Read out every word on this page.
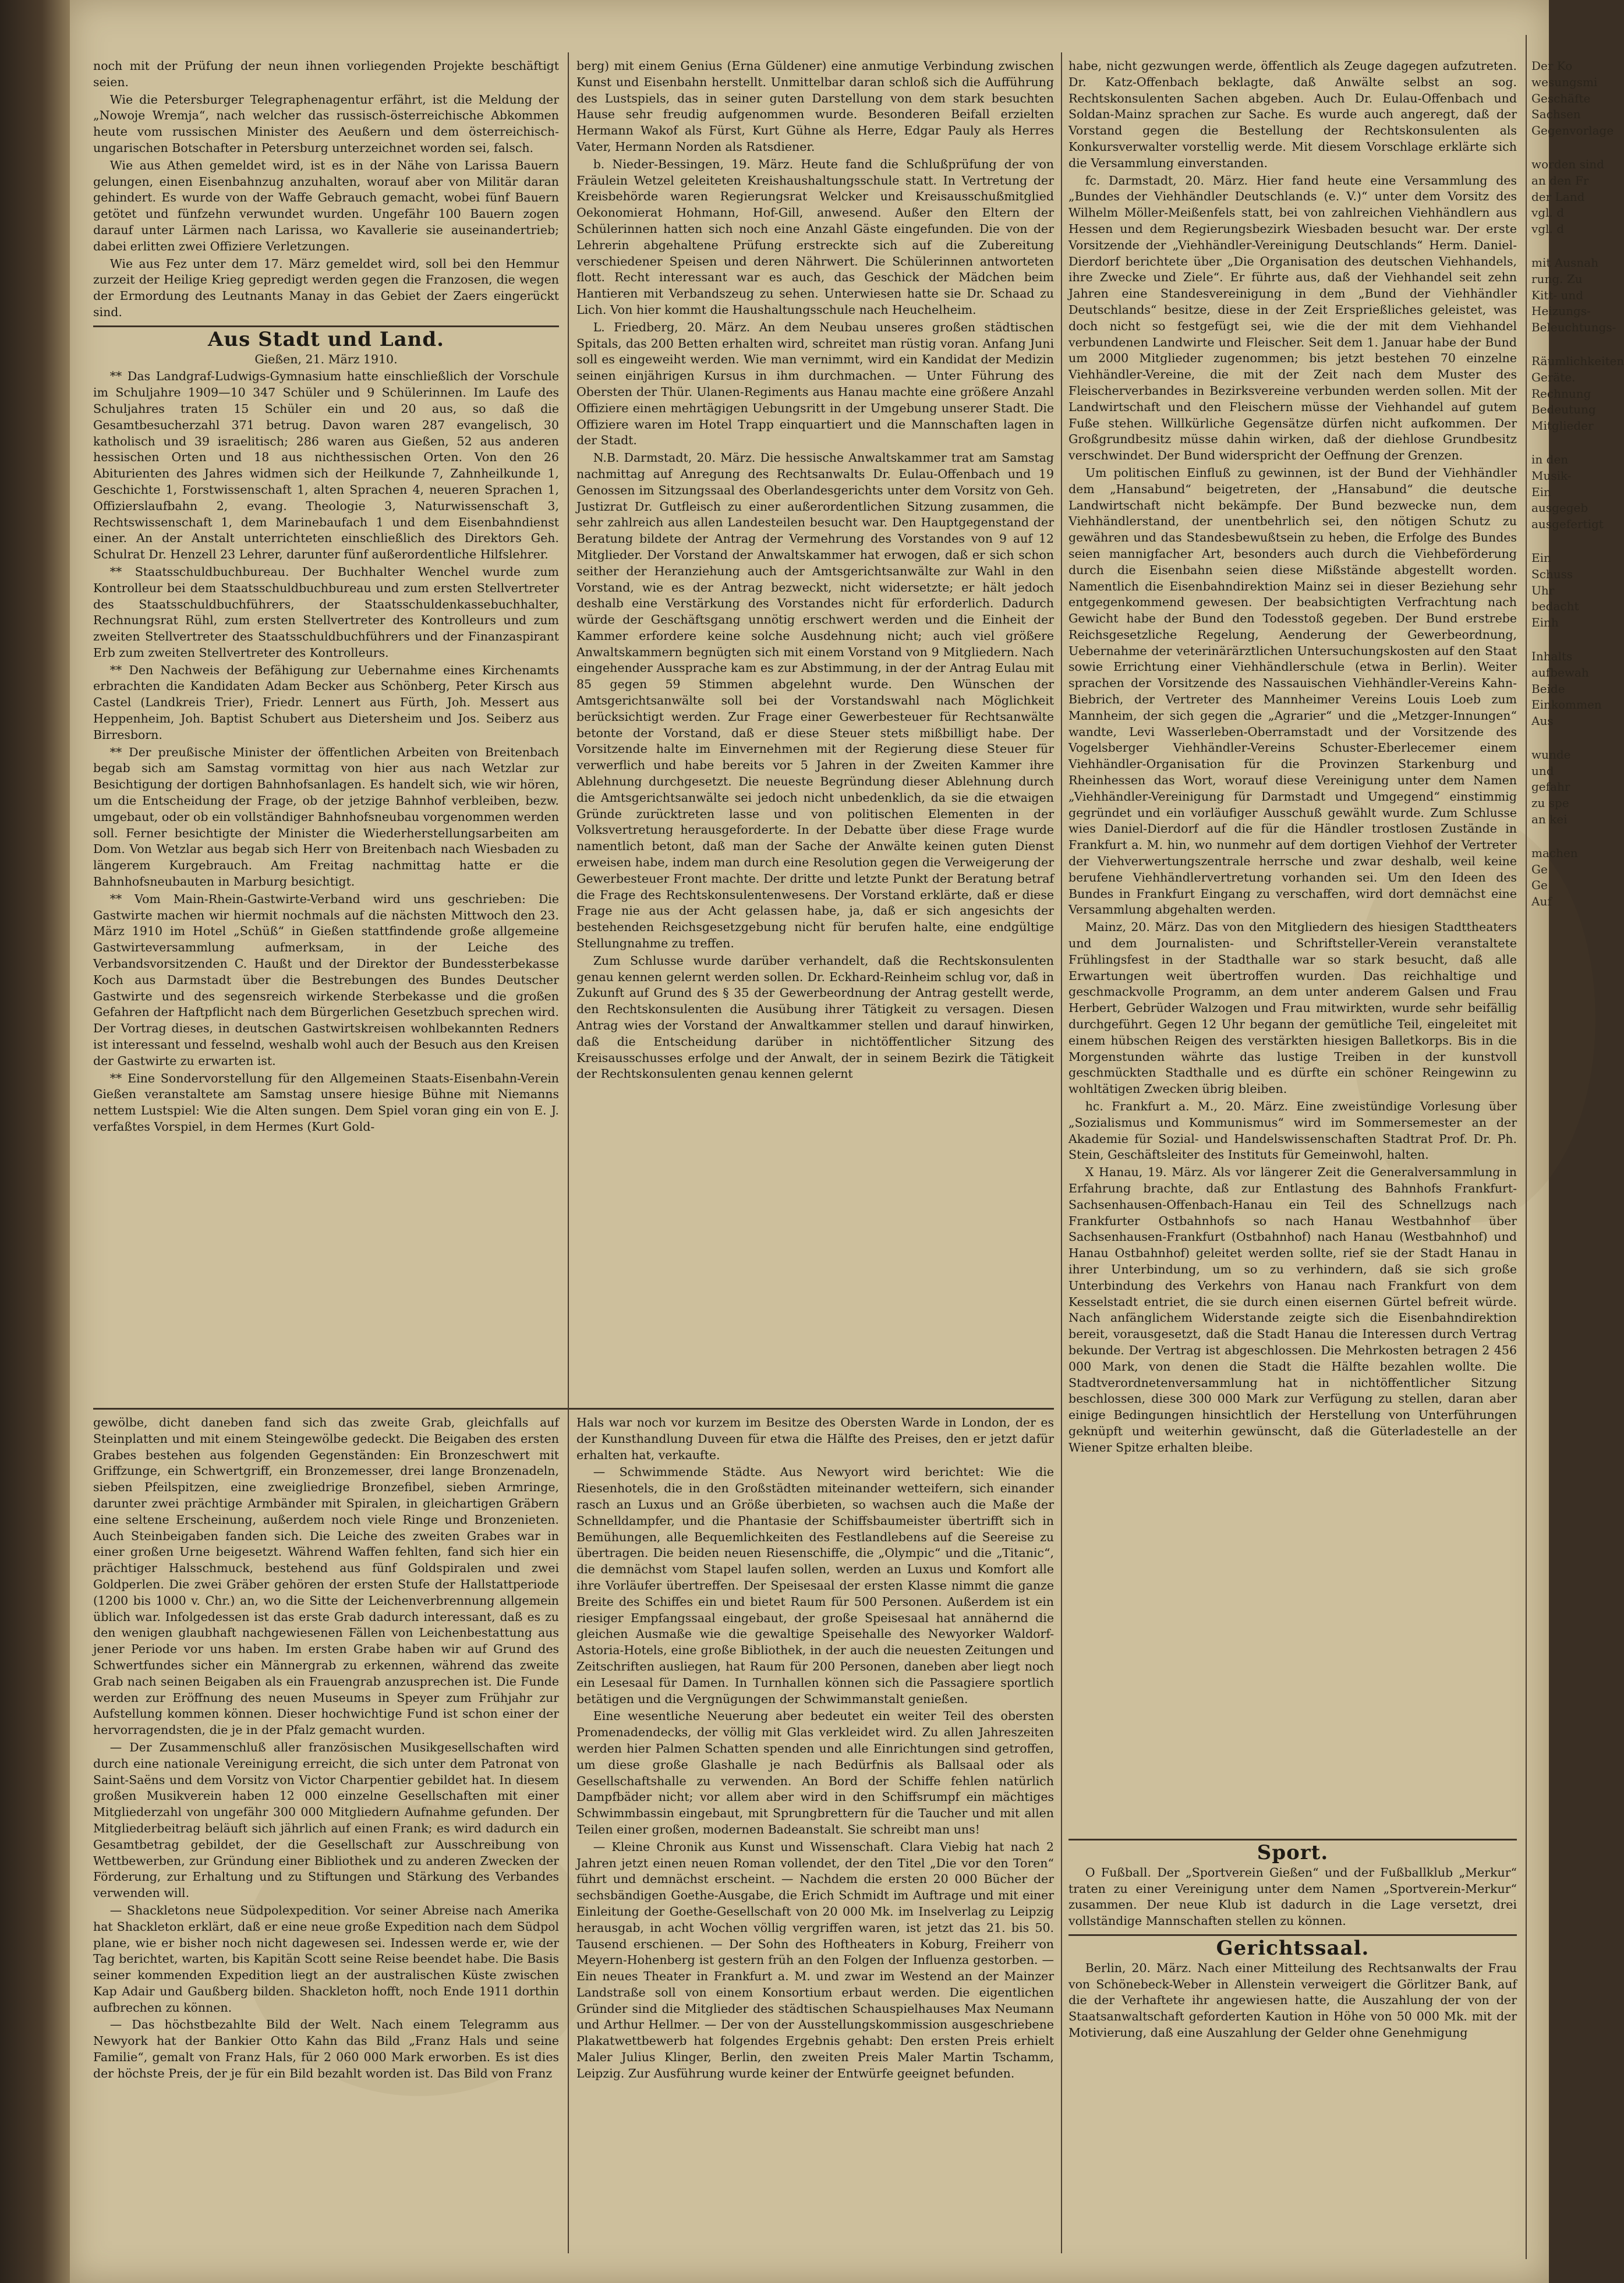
noch mit der Prüfung der neun ihnen vorliegenden Projekte beschäftigt seien.

Wie die Petersburger Telegraphenagentur erfährt, ist die Meldung der „Nowoje Wremja“, nach welcher das russisch-österreichische Abkommen heute vom russischen Minister des Aeußern und dem österreichisch-ungarischen Botschafter in Petersburg unterzeichnet worden sei, falsch.

Wie aus Athen gemeldet wird, ist es in der Nähe von Larissa Bauern gelungen, einen Eisenbahnzug anzuhalten, worauf aber von Militär daran gehindert. Es wurde von der Waffe Gebrauch gemacht, wobei fünf Bauern getötet und fünfzehn verwundet wurden. Ungefähr 100 Bauern zogen darauf unter Lärmen nach Larissa, wo Kavallerie sie auseinandertrieb; dabei erlitten zwei Offiziere Verletzungen.

Wie aus Fez unter dem 17. März gemeldet wird, soll bei den Hemmur zurzeit der Heilige Krieg gepredigt werden gegen die Franzosen, die wegen der Ermordung des Leutnants Manay in das Gebiet der Zaers eingerückt sind.

Aus Stadt und Land.

Gießen, 21. März 1910.

** Das Landgraf-Ludwigs-Gymnasium hatte einschließlich der Vorschule im Schuljahre 1909—10 347 Schüler und 9 Schülerinnen. Im Laufe des Schuljahres traten 15 Schüler ein und 20 aus, so daß die Gesamtbesucherzahl 371 betrug. Davon waren 287 evangelisch, 30 katholisch und 39 israelitisch; 286 waren aus Gießen, 52 aus anderen hessischen Orten und 18 aus nichthessischen Orten. Von den 26 Abiturienten des Jahres widmen sich der Heilkunde 7, Zahnheilkunde 1, Geschichte 1, Forstwissenschaft 1, alten Sprachen 4, neueren Sprachen 1, Offizierslaufbahn 2, evang. Theologie 3, Naturwissenschaft 3, Rechtswissenschaft 1, dem Marinebaufach 1 und dem Eisenbahndienst einer. An der Anstalt unterrichteten einschließlich des Direktors Geh. Schulrat Dr. Henzell 23 Lehrer, darunter fünf außerordentliche Hilfslehrer.

** Staatsschuldbuchbureau. Der Buchhalter Wenchel wurde zum Kontrolleur bei dem Staatsschuldbuchbureau und zum ersten Stellvertreter des Staatsschuldbuchführers, der Staatsschuldenkassebuchhalter, Rechnungsrat Rühl, zum ersten Stellvertreter des Kontrolleurs und zum zweiten Stellvertreter des Staatsschuldbuchführers und der Finanzaspirant Erb zum zweiten Stellvertreter des Kontrolleurs.

** Den Nachweis der Befähigung zur Uebernahme eines Kirchenamts erbrachten die Kandidaten Adam Becker aus Schönberg, Peter Kirsch aus Castel (Landkreis Trier), Friedr. Lennert aus Fürth, Joh. Messert aus Heppenheim, Joh. Baptist Schubert aus Dietersheim und Jos. Seiberz aus Birresborn.

** Der preußische Minister der öffentlichen Arbeiten von Breitenbach begab sich am Samstag vormittag von hier aus nach Wetzlar zur Besichtigung der dortigen Bahnhofsanlagen. Es handelt sich, wie wir hören, um die Entscheidung der Frage, ob der jetzige Bahnhof verbleiben, bezw. umgebaut, oder ob ein vollständiger Bahnhofsneubau vorgenommen werden soll. Ferner besichtigte der Minister die Wiederherstellungsarbeiten am Dom. Von Wetzlar aus begab sich Herr von Breitenbach nach Wiesbaden zu längerem Kurgebrauch. Am Freitag nachmittag hatte er die Bahnhofsneubauten in Marburg besichtigt.

** Vom Main-Rhein-Gastwirte-Verband wird uns geschrieben: Die Gastwirte machen wir hiermit nochmals auf die nächsten Mittwoch den 23. März 1910 im Hotel „Schüß“ in Gießen stattfindende große allgemeine Gastwirteversammlung aufmerksam, in der Leiche des Verbandsvorsitzenden C. Haußt und der Direktor der Bundessterbekasse Koch aus Darmstadt über die Bestrebungen des Bundes Deutscher Gastwirte und des segensreich wirkende Sterbekasse und die großen Gefahren der Haftpflicht nach dem Bürgerlichen Gesetzbuch sprechen wird. Der Vortrag dieses, in deutschen Gastwirtskreisen wohlbekannten Redners ist interessant und fesselnd, weshalb wohl auch der Besuch aus den Kreisen der Gastwirte zu erwarten ist.

** Eine Sondervorstellung für den Allgemeinen Staats-Eisenbahn-Verein Gießen veranstaltete am Samstag unsere hiesige Bühne mit Niemanns nettem Lustspiel: Wie die Alten sungen. Dem Spiel voran ging ein von E. J. verfaßtes Vorspiel, in dem Hermes (Kurt Gold-

berg) mit einem Genius (Erna Güldener) eine anmutige Verbindung zwischen Kunst und Eisenbahn herstellt. Unmittelbar daran schloß sich die Aufführung des Lustspiels, das in seiner guten Darstellung von dem stark besuchten Hause sehr freudig aufgenommen wurde. Besonderen Beifall erzielten Hermann Wakof als Fürst, Kurt Gühne als Herre, Edgar Pauly als Herres Vater, Hermann Norden als Ratsdiener.

b. Nieder-Bessingen, 19. März. Heute fand die Schlußprüfung der von Fräulein Wetzel geleiteten Kreishaushaltungsschule statt. In Vertretung der Kreisbehörde waren Regierungsrat Welcker und Kreisausschußmitglied Oekonomierat Hohmann, Hof-Gill, anwesend. Außer den Eltern der Schülerinnen hatten sich noch eine Anzahl Gäste eingefunden. Die von der Lehrerin abgehaltene Prüfung erstreckte sich auf die Zubereitung verschiedener Speisen und deren Nährwert. Die Schülerinnen antworteten flott. Recht interessant war es auch, das Geschick der Mädchen beim Hantieren mit Verbandszeug zu sehen. Unterwiesen hatte sie Dr. Schaad zu Lich. Von hier kommt die Haushaltungsschule nach Heuchelheim.

L. Friedberg, 20. März. An dem Neubau unseres großen städtischen Spitals, das 200 Betten erhalten wird, schreitet man rüstig voran. Anfang Juni soll es eingeweiht werden. Wie man vernimmt, wird ein Kandidat der Medizin seinen einjährigen Kursus in ihm durchmachen. — Unter Führung des Obersten der Thür. Ulanen-Regiments aus Hanau machte eine größere Anzahl Offiziere einen mehrtägigen Uebungsritt in der Umgebung unserer Stadt. Die Offiziere waren im Hotel Trapp einquartiert und die Mannschaften lagen in der Stadt.

N.B. Darmstadt, 20. März. Die hessische Anwaltskammer trat am Samstag nachmittag auf Anregung des Rechtsanwalts Dr. Eulau-Offenbach und 19 Genossen im Sitzungssaal des Oberlandesgerichts unter dem Vorsitz von Geh. Justizrat Dr. Gutfleisch zu einer außerordentlichen Sitzung zusammen, die sehr zahlreich aus allen Landesteilen besucht war. Den Hauptgegenstand der Beratung bildete der Antrag der Vermehrung des Vorstandes von 9 auf 12 Mitglieder. Der Vorstand der Anwaltskammer hat erwogen, daß er sich schon seither der Heranziehung auch der Amtsgerichtsanwälte zur Wahl in den Vorstand, wie es der Antrag bezweckt, nicht widersetzte; er hält jedoch deshalb eine Verstärkung des Vorstandes nicht für erforderlich. Dadurch würde der Geschäftsgang unnötig erschwert werden und die Einheit der Kammer erfordere keine solche Ausdehnung nicht; auch viel größere Anwaltskammern begnügten sich mit einem Vorstand von 9 Mitgliedern. Nach eingehender Aussprache kam es zur Abstimmung, in der der Antrag Eulau mit 85 gegen 59 Stimmen abgelehnt wurde. Den Wünschen der Amtsgerichtsanwälte soll bei der Vorstandswahl nach Möglichkeit berücksichtigt werden. Zur Frage einer Gewerbesteuer für Rechtsanwälte betonte der Vorstand, daß er diese Steuer stets mißbilligt habe. Der Vorsitzende halte im Einvernehmen mit der Regierung diese Steuer für verwerflich und habe bereits vor 5 Jahren in der Zweiten Kammer ihre Ablehnung durchgesetzt. Die neueste Begründung dieser Ablehnung durch die Amtsgerichtsanwälte sei jedoch nicht unbedenklich, da sie die etwaigen Gründe zurücktreten lasse und von politischen Elementen in der Volksvertretung herausgeforderte. In der Debatte über diese Frage wurde namentlich betont, daß man der Sache der Anwälte keinen guten Dienst erweisen habe, indem man durch eine Resolution gegen die Verweigerung der Gewerbesteuer Front machte. Der dritte und letzte Punkt der Beratung betraf die Frage des Rechtskonsulentenwesens. Der Vorstand erklärte, daß er diese Frage nie aus der Acht gelassen habe, ja, daß er sich angesichts der bestehenden Reichsgesetzgebung nicht für berufen halte, eine endgültige Stellungnahme zu treffen.

Zum Schlusse wurde darüber verhandelt, daß die Rechtskonsulenten genau kennen gelernt werden sollen. Dr. Eckhard-Reinheim schlug vor, daß in Zukunft auf Grund des § 35 der Gewerbeordnung der Antrag gestellt werde, den Rechtskonsulenten die Ausübung ihrer Tätigkeit zu versagen. Diesen Antrag wies der Vorstand der Anwaltkammer stellen und darauf hinwirken, daß die Entscheidung darüber in nichtöffentlicher Sitzung des Kreisausschusses erfolge und der Anwalt, der in seinem Bezirk die Tätigkeit der Rechtskonsulenten genau kennen gelernt

habe, nicht gezwungen werde, öffentlich als Zeuge dagegen aufzutreten. Dr. Katz-Offenbach beklagte, daß Anwälte selbst an sog. Rechtskonsulenten Sachen abgeben. Auch Dr. Eulau-Offenbach und Soldan-Mainz sprachen zur Sache. Es wurde auch angeregt, daß der Vorstand gegen die Bestellung der Rechtskonsulenten als Konkursverwalter vorstellig werde. Mit diesem Vorschlage erklärte sich die Versammlung einverstanden.

fc. Darmstadt, 20. März. Hier fand heute eine Versammlung des „Bundes der Viehhändler Deutschlands (e. V.)“ unter dem Vorsitz des Wilhelm Möller-Meißenfels statt, bei von zahlreichen Viehhändlern aus Hessen und dem Regierungsbezirk Wiesbaden besucht war. Der erste Vorsitzende der „Viehhändler-Vereinigung Deutschlands“ Herm. Daniel-Dierdorf berichtete über „Die Organisation des deutschen Viehhandels, ihre Zwecke und Ziele“. Er führte aus, daß der Viehhandel seit zehn Jahren eine Standesvereinigung in dem „Bund der Viehhändler Deutschlands“ besitze, diese in der Zeit Ersprießliches geleistet, was doch nicht so festgefügt sei, wie die der mit dem Viehhandel verbundenen Landwirte und Fleischer. Seit dem 1. Januar habe der Bund um 2000 Mitglieder zugenommen; bis jetzt bestehen 70 einzelne Viehhändler-Vereine, die mit der Zeit nach dem Muster des Fleischerverbandes in Bezirksvereine verbunden werden sollen. Mit der Landwirtschaft und den Fleischern müsse der Viehhandel auf gutem Fuße stehen. Willkürliche Gegensätze dürfen nicht aufkommen. Der Großgrundbesitz müsse dahin wirken, daß der diehlose Grundbesitz verschwindet. Der Bund widerspricht der Oeffnung der Grenzen.

Um politischen Einfluß zu gewinnen, ist der Bund der Viehhändler dem „Hansabund“ beigetreten, der „Hansabund“ die deutsche Landwirtschaft nicht bekämpfe. Der Bund bezwecke nun, dem Viehhändlerstand, der unentbehrlich sei, den nötigen Schutz zu gewähren und das Standesbewußtsein zu heben, die Erfolge des Bundes seien mannigfacher Art, besonders auch durch die Viehbeförderung durch die Eisenbahn seien diese Mißstände abgestellt worden. Namentlich die Eisenbahndirektion Mainz sei in dieser Beziehung sehr entgegenkommend gewesen. Der beabsichtigten Verfrachtung nach Gewicht habe der Bund den Todesstoß gegeben. Der Bund erstrebe Reichsgesetzliche Regelung, Aenderung der Gewerbeordnung, Uebernahme der veterinärärztlichen Untersuchungskosten auf den Staat sowie Errichtung einer Viehhändlerschule (etwa in Berlin). Weiter sprachen der Vorsitzende des Nassauischen Viehhändler-Vereins Kahn-Biebrich, der Vertreter des Mannheimer Vereins Louis Loeb zum Mannheim, der sich gegen die „Agrarier“ und die „Metzger-Innungen“ wandte, Levi Wasserleben-Oberramstadt und der Vorsitzende des Vogelsberger Viehhändler-Vereins Schuster-Eberlecemer einem Viehhändler-Organisation für die Provinzen Starkenburg und Rheinhessen das Wort, worauf diese Vereinigung unter dem Namen „Viehhändler-Vereinigung für Darmstadt und Umgegend“ einstimmig gegründet und ein vorläufiger Ausschuß gewählt wurde. Zum Schlusse wies Daniel-Dierdorf auf die für die Händler trostlosen Zustände in Frankfurt a. M. hin, wo nunmehr auf dem dortigen Viehhof der Vertreter der Viehverwertungszentrale herrsche und zwar deshalb, weil keine berufene Viehhändlervertretung vorhanden sei. Um den Ideen des Bundes in Frankfurt Eingang zu verschaffen, wird dort demnächst eine Versammlung abgehalten werden.

Mainz, 20. März. Das von den Mitgliedern des hiesigen Stadttheaters und dem Journalisten- und Schriftsteller-Verein veranstaltete Frühlingsfest in der Stadthalle war so stark besucht, daß alle Erwartungen weit übertroffen wurden. Das reichhaltige und geschmackvolle Programm, an dem unter anderem Galsen und Frau Herbert, Gebrüder Walzogen und Frau mitwirkten, wurde sehr beifällig durchgeführt. Gegen 12 Uhr begann der gemütliche Teil, eingeleitet mit einem hübschen Reigen des verstärkten hiesigen Balletkorps. Bis in die Morgenstunden währte das lustige Treiben in der kunstvoll geschmückten Stadthalle und es dürfte ein schöner Reingewinn zu wohltätigen Zwecken übrig bleiben.

hc. Frankfurt a. M., 20. März. Eine zweistündige Vorlesung über „Sozialismus und Kommunismus“ wird im Sommersemester an der Akademie für Sozial- und Handelswissenschaften Stadtrat Prof. Dr. Ph. Stein, Geschäftsleiter des Instituts für Gemeinwohl, halten.

X Hanau, 19. März. Als vor längerer Zeit die Generalversammlung in Erfahrung brachte, daß zur Entlastung des Bahnhofs Frankfurt-Sachsenhausen-Offenbach-Hanau ein Teil des Schnellzugs nach Frankfurter Ostbahnhofs so nach Hanau Westbahnhof über Sachsenhausen-Frankfurt (Ostbahnhof) nach Hanau (Westbahnhof) und Hanau Ostbahnhof) geleitet werden sollte, rief sie der Stadt Hanau in ihrer Unterbindung, um so zu verhindern, daß sie sich große Unterbindung des Verkehrs von Hanau nach Frankfurt von dem Kesselstadt entriet, die sie durch einen eisernen Gürtel befreit würde. Nach anfänglichem Widerstande zeigte sich die Eisenbahndirektion bereit, vorausgesetzt, daß die Stadt Hanau die Interessen durch Vertrag bekunde. Der Vertrag ist abgeschlossen. Die Mehrkosten betragen 2 456 000 Mark, von denen die Stadt die Hälfte bezahlen wollte. Die Stadtverordnetenversammlung hat in nichtöffentlicher Sitzung beschlossen, diese 300 000 Mark zur Verfügung zu stellen, daran aber einige Bedingungen hinsichtlich der Herstellung von Unterführungen geknüpft und weiterhin gewünscht, daß die Güterladestelle an der Wiener Spitze erhalten bleibe.

Sport.

O Fußball. Der „Sportverein Gießen“ und der Fußballklub „Merkur“ traten zu einer Vereinigung unter dem Namen „Sportverein-Merkur“ zusammen. Der neue Klub ist dadurch in die Lage versetzt, drei vollständige Mannschaften stellen zu können.

Gerichtssaal.

Berlin, 20. März. Nach einer Mitteilung des Rechtsanwalts der Frau von Schönebeck-Weber in Allenstein verweigert die Görlitzer Bank, auf die der Verhaftete ihr angewiesen hatte, die Auszahlung der von der Staatsanwaltschaft geforderten Kaution in Höhe von 50 000 Mk. mit der Motivierung, daß eine Auszahlung der Gelder ohne Genehmigung

gewölbe, dicht daneben fand sich das zweite Grab, gleichfalls auf Steinplatten und mit einem Steingewölbe gedeckt. Die Beigaben des ersten Grabes bestehen aus folgenden Gegenständen: Ein Bronzeschwert mit Griffzunge, ein Schwertgriff, ein Bronzemesser, drei lange Bronzenadeln, sieben Pfeilspitzen, eine zweigliedrige Bronzefibel, sieben Armringe, darunter zwei prächtige Armbänder mit Spiralen, in gleichartigen Gräbern eine seltene Erscheinung, außerdem noch viele Ringe und Bronzenieten. Auch Steinbeigaben fanden sich. Die Leiche des zweiten Grabes war in einer großen Urne beigesetzt. Während Waffen fehlten, fand sich hier ein prächtiger Halsschmuck, bestehend aus fünf Goldspiralen und zwei Goldperlen. Die zwei Gräber gehören der ersten Stufe der Hallstattperiode (1200 bis 1000 v. Chr.) an, wo die Sitte der Leichenverbrennung allgemein üblich war. Infolgedessen ist das erste Grab dadurch interessant, daß es zu den wenigen glaubhaft nachgewiesenen Fällen von Leichenbestattung aus jener Periode vor uns haben. Im ersten Grabe haben wir auf Grund des Schwertfundes sicher ein Männergrab zu erkennen, während das zweite Grab nach seinen Beigaben als ein Frauengrab anzusprechen ist. Die Funde werden zur Eröffnung des neuen Museums in Speyer zum Frühjahr zur Aufstellung kommen können. Dieser hochwichtige Fund ist schon einer der hervorragendsten, die je in der Pfalz gemacht wurden.

— Der Zusammenschluß aller französischen Musikgesellschaften wird durch eine nationale Vereinigung erreicht, die sich unter dem Patronat von Saint-Saëns und dem Vorsitz von Victor Charpentier gebildet hat. In diesem großen Musikverein haben 12 000 einzelne Gesellschaften mit einer Mitgliederzahl von ungefähr 300 000 Mitgliedern Aufnahme gefunden. Der Mitgliederbeitrag beläuft sich jährlich auf einen Frank; es wird dadurch ein Gesamtbetrag gebildet, der die Gesellschaft zur Ausschreibung von Wettbewerben, zur Gründung einer Bibliothek und zu anderen Zwecken der Förderung, zur Erhaltung und zu Stiftungen und Stärkung des Verbandes verwenden will.

— Shackletons neue Südpolexpedition. Vor seiner Abreise nach Amerika hat Shackleton erklärt, daß er eine neue große Expedition nach dem Südpol plane, wie er bisher noch nicht dagewesen sei. Indessen werde er, wie der Tag berichtet, warten, bis Kapitän Scott seine Reise beendet habe. Die Basis seiner kommenden Expedition liegt an der australischen Küste zwischen Kap Adair und Gaußberg bilden. Shackleton hofft, noch Ende 1911 dorthin aufbrechen zu können.

— Das höchstbezahlte Bild der Welt. Nach einem Telegramm aus Newyork hat der Bankier Otto Kahn das Bild „Franz Hals und seine Familie“, gemalt von Franz Hals, für 2 060 000 Mark erworben. Es ist dies der höchste Preis, der je für ein Bild bezahlt worden ist. Das Bild von Franz

Hals war noch vor kurzem im Besitze des Obersten Warde in London, der es der Kunsthandlung Duveen für etwa die Hälfte des Preises, den er jetzt dafür erhalten hat, verkaufte.

— Schwimmende Städte. Aus Newyort wird berichtet: Wie die Riesenhotels, die in den Großstädten miteinander wetteifern, sich einander rasch an Luxus und an Größe überbieten, so wachsen auch die Maße der Schnelldampfer, und die Phantasie der Schiffsbaumeister übertrifft sich in Bemühungen, alle Bequemlichkeiten des Festlandlebens auf die Seereise zu übertragen. Die beiden neuen Riesenschiffe, die „Olympic“ und die „Titanic“, die demnächst vom Stapel laufen sollen, werden an Luxus und Komfort alle ihre Vorläufer übertreffen. Der Speisesaal der ersten Klasse nimmt die ganze Breite des Schiffes ein und bietet Raum für 500 Personen. Außerdem ist ein riesiger Empfangssaal eingebaut, der große Speisesaal hat annähernd die gleichen Ausmaße wie die gewaltige Speisehalle des Newyorker Waldorf-Astoria-Hotels, eine große Bibliothek, in der auch die neuesten Zeitungen und Zeitschriften ausliegen, hat Raum für 200 Personen, daneben aber liegt noch ein Lesesaal für Damen. In Turnhallen können sich die Passagiere sportlich betätigen und die Vergnügungen der Schwimmanstalt genießen.

Eine wesentliche Neuerung aber bedeutet ein weiter Teil des obersten Promenadendecks, der völlig mit Glas verkleidet wird. Zu allen Jahreszeiten werden hier Palmen Schatten spenden und alle Einrichtungen sind getroffen, um diese große Glashalle je nach Bedürfnis als Ballsaal oder als Gesellschaftshalle zu verwenden. An Bord der Schiffe fehlen natürlich Dampfbäder nicht; vor allem aber wird in den Schiffsrumpf ein mächtiges Schwimmbassin eingebaut, mit Sprungbrettern für die Taucher und mit allen Teilen einer großen, modernen Badeanstalt. Sie schreibt man uns!

— Kleine Chronik aus Kunst und Wissenschaft. Clara Viebig hat nach 2 Jahren jetzt einen neuen Roman vollendet, der den Titel „Die vor den Toren“ führt und demnächst erscheint. — Nachdem die ersten 20 000 Bücher der sechsbändigen Goethe-Ausgabe, die Erich Schmidt im Auftrage und mit einer Einleitung der Goethe-Gesellschaft von 20 000 Mk. im Inselverlag zu Leipzig herausgab, in acht Wochen völlig vergriffen waren, ist jetzt das 21. bis 50. Tausend erschienen. — Der Sohn des Hoftheaters in Koburg, Freiherr von Meyern-Hohenberg ist gestern früh an den Folgen der Influenza gestorben. — Ein neues Theater in Frankfurt a. M. und zwar im Westend an der Mainzer Landstraße soll von einem Konsortium erbaut werden. Die eigentlichen Gründer sind die Mitglieder des städtischen Schauspielhauses Max Neumann und Arthur Hellmer. — Der von der Ausstellungskommission ausgeschriebene Plakatwettbewerb hat folgendes Ergebnis gehabt: Den ersten Preis erhielt Maler Julius Klinger, Berlin, den zweiten Preis Maler Martin Tschamm, Leipzig. Zur Ausführung wurde keiner der Entwürfe geeignet befunden.

Der Ko
wesungsmi
Geschäfte
Sachsen
Gegenvorlage
worden sind
an den Fr
der Land
vgl. d
vgl. d
mit Ausnah
rung. Zu
Kitt- und
Heizungs-
Beleuchtungs-
Räumlichkeiten
Geräte.
Rechnung
Bedeutung
Mitglieder
in den
Musik-
Ein
ausgegeb
ausgefertigt
Ein
Schuss
Uhr
bedacht
Einh
Inhalts
aufbewah
Beide
Einkommen
Aus
wunde
und
gefahr
zu spe
an kei
machen
Ge
Ge
Auf
